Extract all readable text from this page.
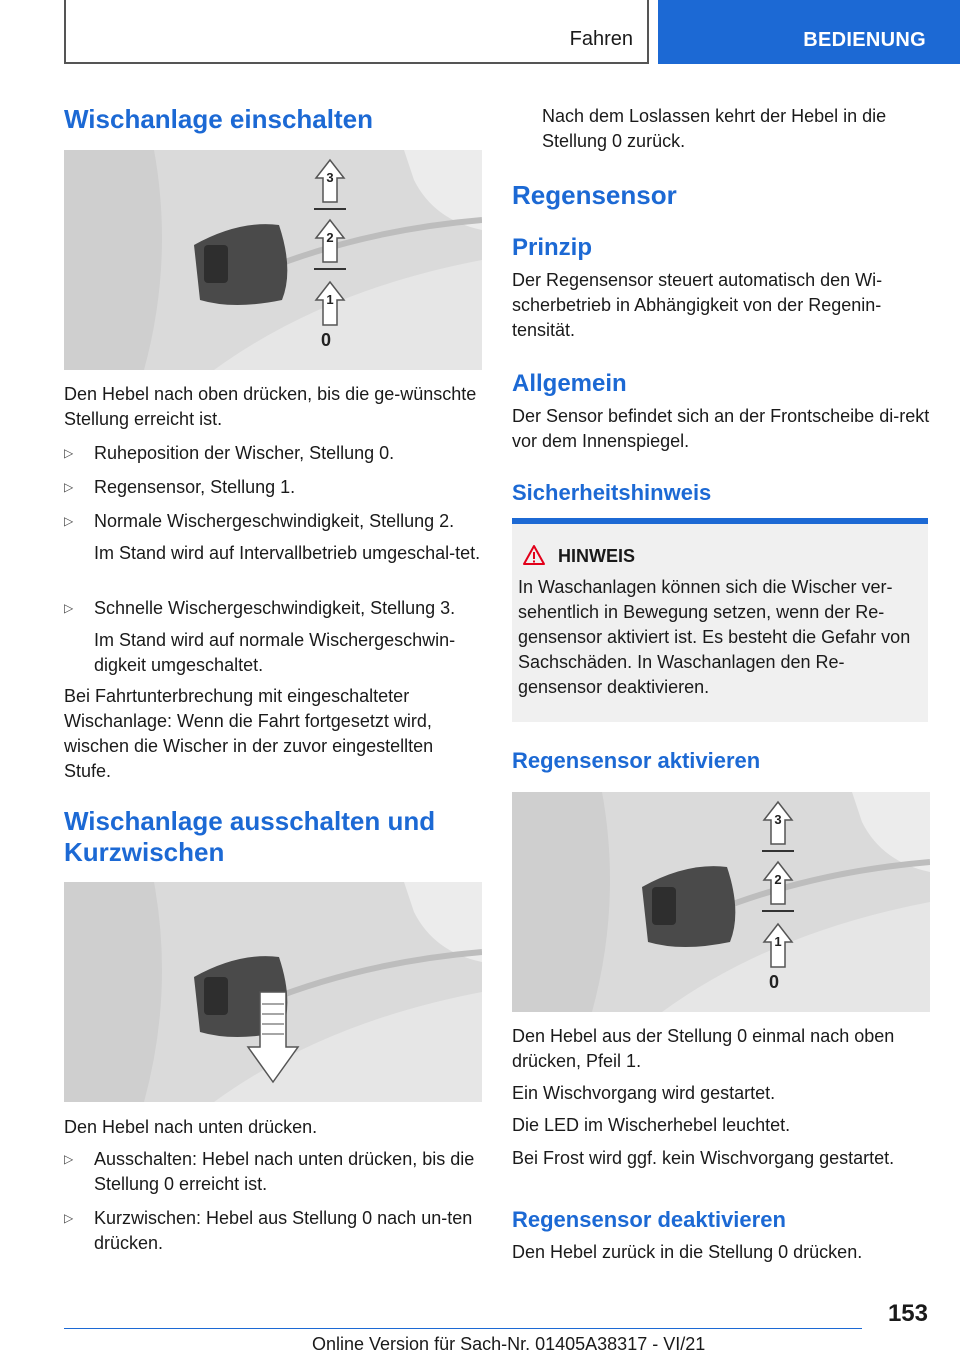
Fahren	BEDIENUNG
Wischanlage einschalten
3
2
1
0

Den Hebel nach oben drücken, bis die ge-wünschte Stellung erreicht ist.

▷ Ruheposition der Wischer, Stellung 0.
▷ Regensensor, Stellung 1.
▷ Normale Wischergeschwindigkeit, Stellung 2.
Im Stand wird auf Intervallbetrieb umgeschal-tet.
▷ Schnelle Wischergeschwindigkeit, Stellung 3.
Im Stand wird auf normale Wischergeschwin-digkeit umgeschaltet.

Bei Fahrtunterbrechung mit eingeschalteter Wischanlage: Wenn die Fahrt fortgesetzt wird, wischen die Wischer in der zuvor eingestellten Stufe.

Wischanlage ausschalten und Kurzwischen

Den Hebel nach unten drücken.

▷ Ausschalten: Hebel nach unten drücken, bis die Stellung 0 erreicht ist.
▷ Kurzwischen: Hebel aus Stellung 0 nach un-ten drücken.

Nach dem Loslassen kehrt der Hebel in die Stellung 0 zurück.

Regensensor
Prinzip

Der Regensensor steuert automatisch den Wi-scherbetrieb in Abhängigkeit von der Regenin-tensität.

Allgemein

Der Sensor befindet sich an der Frontscheibe di-rekt vor dem Innenspiegel.

Sicherheitshinweis
HINWEIS

In Waschanlagen können sich die Wischer ver-sehentlich in Bewegung setzen, wenn der Re-gensensor aktiviert ist. Es besteht die Gefahr von Sachschäden. In Waschanlagen den Re-gensensor deaktivieren.

Regensensor aktivieren
3
2
1
0

Den Hebel aus der Stellung 0 einmal nach oben drücken, Pfeil 1.

Ein Wischvorgang wird gestartet.

Die LED im Wischerhebel leuchtet.

Bei Frost wird ggf. kein Wischvorgang gestartet.

Regensensor deaktivieren

Den Hebel zurück in die Stellung 0 drücken.

153
Online Version für Sach-Nr. 01405A38317 - VI/21
